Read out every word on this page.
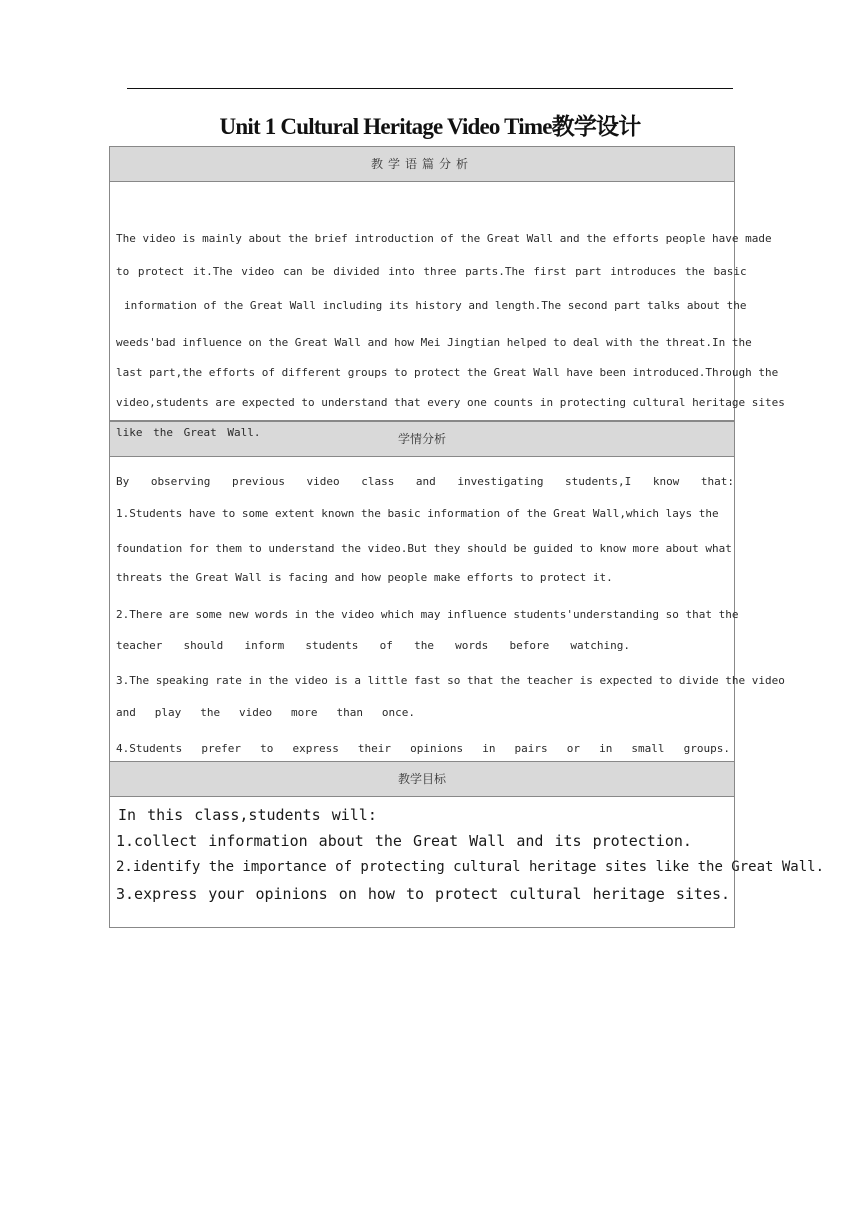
Unit 1 Cultural Heritage Video Time教学设计
教学语篇分析
The video is mainly about the brief introduction of the Great Wall and the efforts people have made
to protect it.The video can be divided into three parts.The first part introduces the basic
information of the Great Wall including its history and length.The second part talks about the
weeds'bad influence on the Great Wall and how Mei Jingtian helped to deal with the threat.In the
last part,the efforts of different groups to protect the Great Wall have been introduced.Through the
video,students are expected to understand that every one counts in protecting cultural heritage sites
like the Great Wall.	学情分析
By observing previous video class and investigating students,I know that:
1.Students have to some extent known the basic information of the Great Wall,which lays the
foundation for them to understand the video.But they should be guided to know more about what
threats the Great Wall is facing and how people make efforts to protect it.
2.There are some new words in the video which may influence students'understanding so that the
teacher should inform students of the words before watching.
3.The speaking rate in the video is a little fast so that the teacher is expected to divide the video
and play the video more than once.
4.Students prefer to express their opinions in pairs or in small groups.
教学目标
In this class,students will:
1.collect information about the Great Wall and its protection.
2.identify the importance of protecting cultural heritage sites like the Great Wall.
3.express your opinions on how to protect cultural heritage sites.
